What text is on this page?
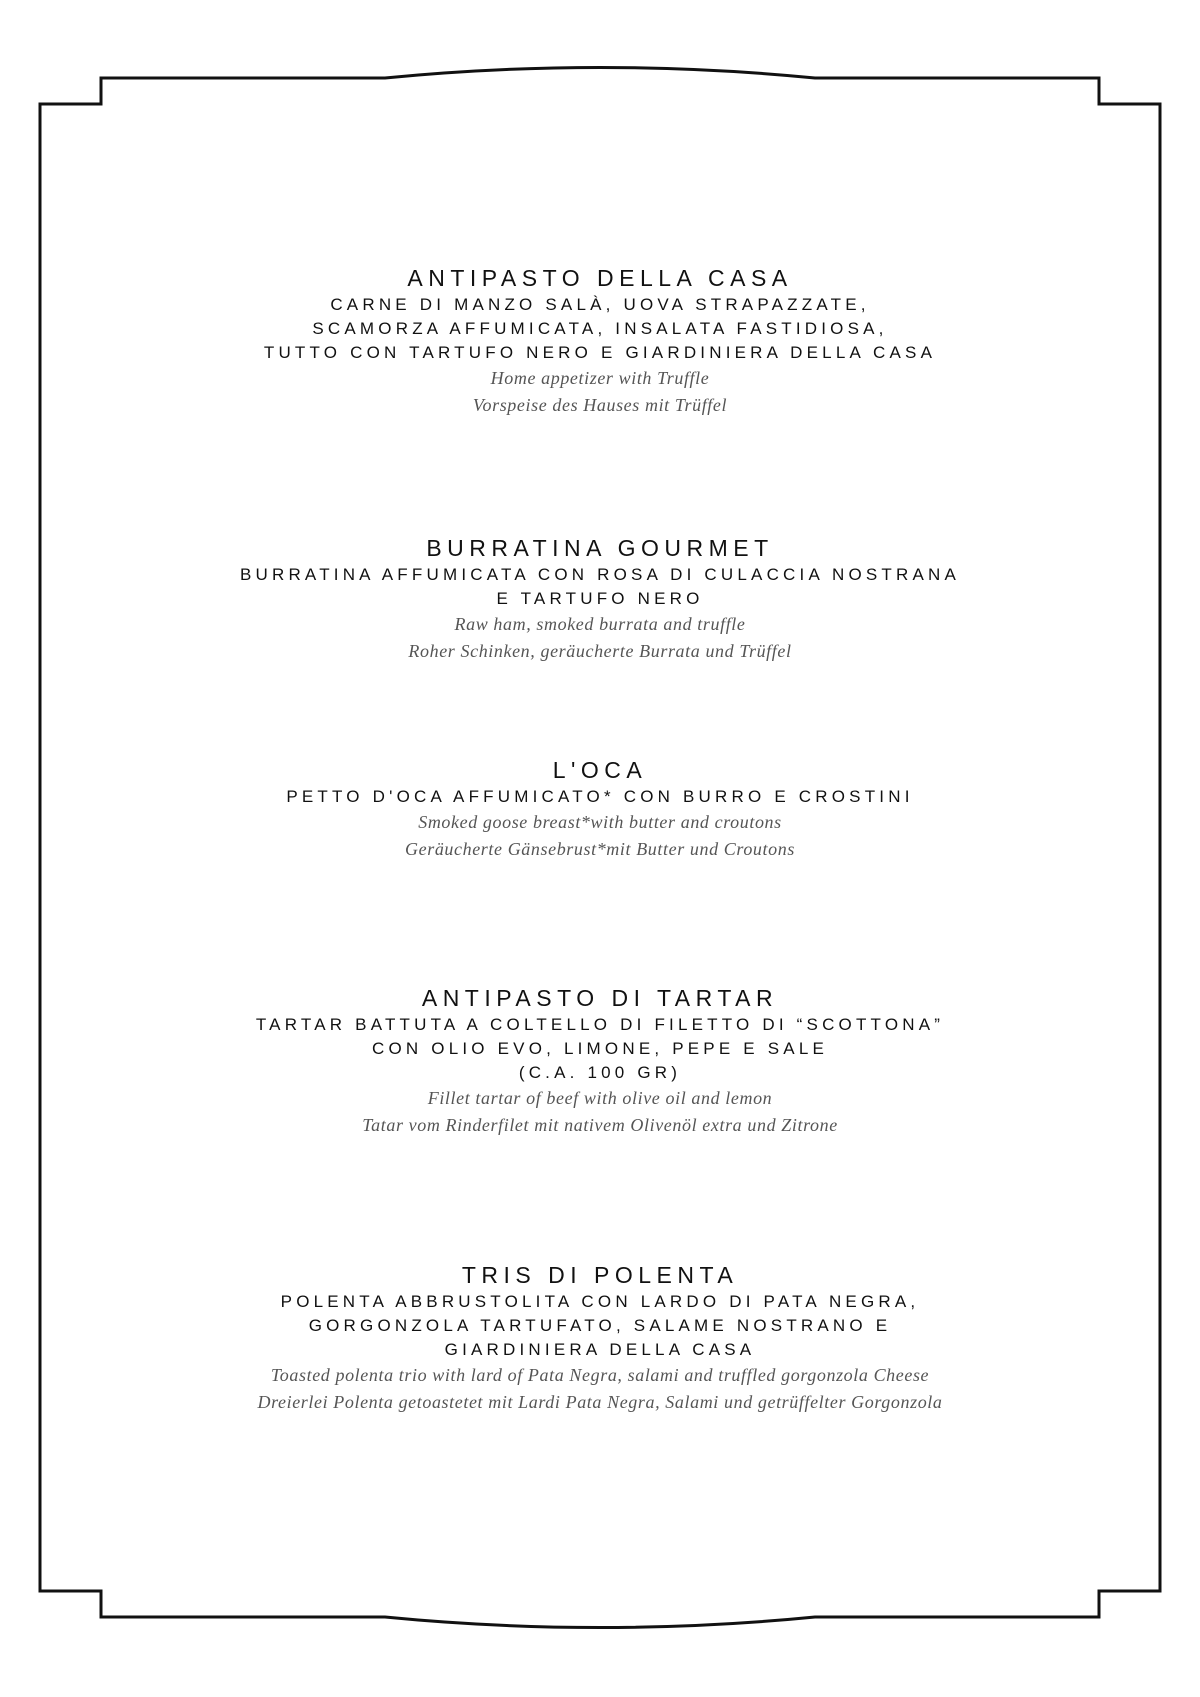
ANTIPASTO DELLA CASA
CARNE DI MANZO SALÀ, UOVA STRAPAZZATE,
SCAMORZA AFFUMICATA, INSALATA FASTIDIOSA,
TUTTO CON TARTUFO NERO E GIARDINIERA DELLA CASA
Home appetizer with Truffle
Vorspeise des Hauses mit Trüffel
BURRATINA GOURMET
BURRATINA AFFUMICATA CON ROSA DI CULACCIA NOSTRANA
E TARTUFO NERO
Raw ham, smoked burrata and truffle
Roher Schinken, geräucherte Burrata und Trüffel
L'OCA
PETTO D'OCA AFFUMICATO* CON BURRO E CROSTINI
Smoked goose breast*with butter and croutons
Geräucherte Gänsebrust*mit Butter und Croutons
ANTIPASTO DI TARTAR
TARTAR BATTUTA A COLTELLO DI FILETTO DI “SCOTTONA”
CON OLIO EVO, LIMONE, PEPE E SALE
(C.A. 100 GR)
Fillet tartar of beef with olive oil and lemon
Tatar vom Rinderfilet mit nativem Olivenöl extra und Zitrone
TRIS DI POLENTA
POLENTA ABBRUSTOLITA CON LARDO DI PATA NEGRA,
GORGONZOLA TARTUFATO, SALAME NOSTRANO E
GIARDINIERA DELLA CASA
Toasted polenta trio with lard of Pata Negra, salami and truffled gorgonzola Cheese
Dreierlei Polenta getoastetet mit Lardi Pata Negra, Salami und getrüffelter Gorgonzola
